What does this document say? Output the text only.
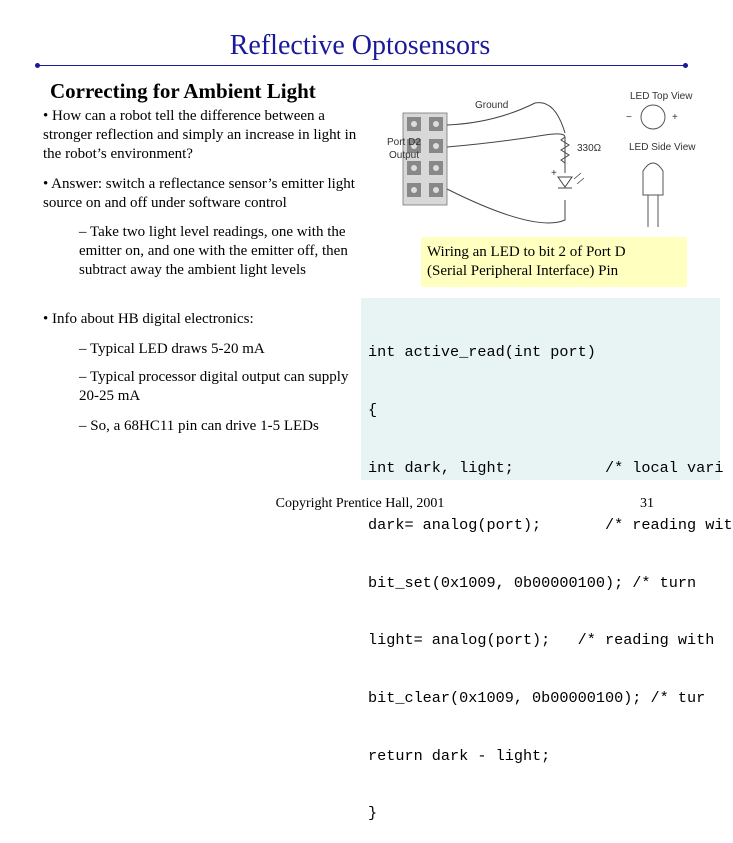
Reflective Optosensors
Correcting for Ambient Light
• How can a robot tell the difference between a stronger reflection and simply an increase in light in the robot’s environment?
• Answer: switch a reflectance sensor’s emitter light source on and off under software control
– Take two light level readings, one with the emitter on, and one with the emitter off, then subtract away the ambient light levels
• Info about HB digital electronics:
– Typical LED draws 5-20 mA
– Typical processor digital output can supply 20-25 mA
– So, a 68HC11 pin can drive 1-5 LEDs
Ground
Port D2
Output
330Ω
+
LED Top View
−	+
LED Side View
Wiring an LED to bit 2 of Port D
(Serial Peripheral Interface) Pin

int active_read(int port)

{

int dark, light;          /* local vari

dark= analog(port);       /* reading wit

bit_set(0x1009, 0b00000100); /* turn

light= analog(port);   /* reading with

bit_clear(0x1009, 0b00000100); /* tur

return dark - light;

}

Copyright Prentice Hall, 2001	31
